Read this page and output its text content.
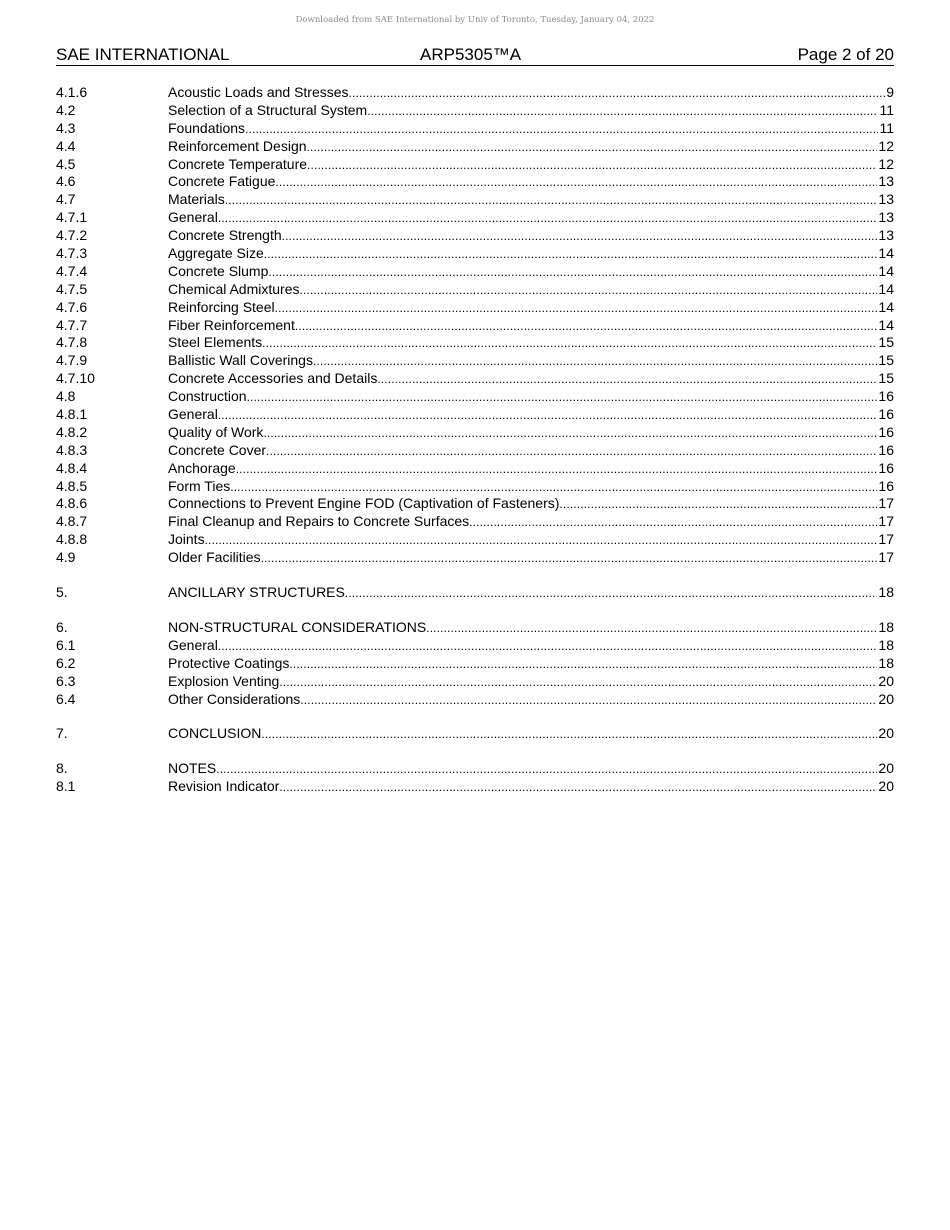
Downloaded from SAE International by Univ of Toronto, Tuesday, January 04, 2022
SAE INTERNATIONAL	ARP5305™A	Page 2 of 20
4.1.6	Acoustic Loads and Stresses . . .	9
4.2	Selection of a Structural System . . .	11
4.3	Foundations . . .	11
4.4	Reinforcement Design . . .	12
4.5	Concrete Temperature . . .	12
4.6	Concrete Fatigue . . .	13
4.7	Materials . . .	13
4.7.1	General . . .	13
4.7.2	Concrete Strength . . .	13
4.7.3	Aggregate Size . . .	14
4.7.4	Concrete Slump . . .	14
4.7.5	Chemical Admixtures . . .	14
4.7.6	Reinforcing Steel . . .	14
4.7.7	Fiber Reinforcement . . .	14
4.7.8	Steel Elements . . .	15
4.7.9	Ballistic Wall Coverings . . .	15
4.7.10	Concrete Accessories and Details . . .	15
4.8	Construction . . .	16
4.8.1	General . . .	16
4.8.2	Quality of Work . . .	16
4.8.3	Concrete Cover . . .	16
4.8.4	Anchorage . . .	16
4.8.5	Form Ties . . .	16
4.8.6	Connections to Prevent Engine FOD (Captivation of Fasteners) . . .	17
4.8.7	Final Cleanup and Repairs to Concrete Surfaces . . .	17
4.8.8	Joints . . .	17
4.9	Older Facilities . . .	17
5.	ANCILLARY STRUCTURES . . .	18
6.	NON-STRUCTURAL CONSIDERATIONS . . .	18
6.1	General . . .	18
6.2	Protective Coatings . . .	18
6.3	Explosion Venting . . .	20
6.4	Other Considerations . . .	20
7.	CONCLUSION . . .	20
8.	NOTES . . .	20
8.1	Revision Indicator . . .	20
